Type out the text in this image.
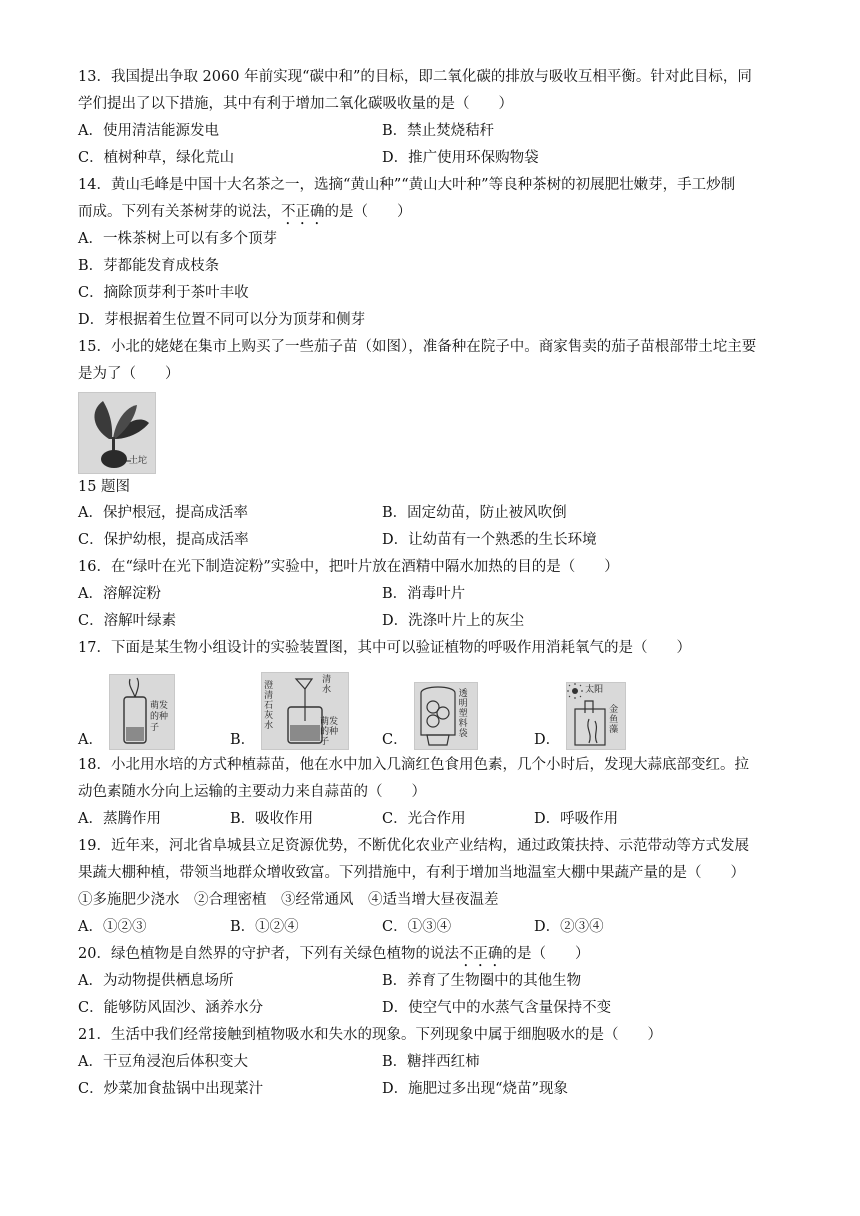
13．我国提出争取 2060 年前实现“碳中和”的目标，即二氧化碳的排放与吸收互相平衡。针对此目标，同
学们提出了以下措施，其中有利于增加二氧化碳吸收量的是（　　）
A．使用清洁能源发电	B．禁止焚烧秸秆
C．植树种草，绿化荒山	D．推广使用环保购物袋
14．黄山毛峰是中国十大名茶之一，选摘“黄山种”“黄山大叶种”等良种茶树的初展肥壮嫩芽，手工炒制
而成。下列有关茶树芽的说法，不正确的是（　　）
A．一株茶树上可以有多个顶芽
B．芽都能发育成枝条
C．摘除顶芽利于茶叶丰收
D．芽根据着生位置不同可以分为顶芽和侧芽
15．小北的姥姥在集市上购买了一些茄子苗（如图），准备种在院子中。商家售卖的茄子苗根部带土坨主要
是为了（　　）
土坨
15 题图
A．保护根冠，提高成活率	B．固定幼苗，防止被风吹倒
C．保护幼根，提高成活率	D．让幼苗有一个熟悉的生长环境
16．在“绿叶在光下制造淀粉”实验中，把叶片放在酒精中隔水加热的目的是（　　）
A．溶解淀粉	B．消毒叶片
C．溶解叶绿素	D．洗涤叶片上的灰尘
17．下面是某生物小组设计的实验装置图，其中可以验证植物的呼吸作用消耗氧气的是（　　）
A．
萌发的种子
B．
清水
澄清石灰水	萌发的种子	C．
透明塑料袋	D．
太阳
金鱼藻
18．小北用水培的方式种植蒜苗，他在水中加入几滴红色食用色素，几个小时后，发现大蒜底部变红。拉
动色素随水分向上运输的主要动力来自蒜苗的（　　）
A．蒸腾作用	B．吸收作用	C．光合作用	D．呼吸作用
19．近年来，河北省阜城县立足资源优势，不断优化农业产业结构，通过政策扶持、示范带动等方式发展
果蔬大棚种植，带领当地群众增收致富。下列措施中，有利于增加当地温室大棚中果蔬产量的是（　　）
①多施肥少浇水　②合理密植　③经常通风　④适当增大昼夜温差
A．①②③	B．①②④	C．①③④	D．②③④
20．绿色植物是自然界的守护者，下列有关绿色植物的说法不正确的是（　　）
A．为动物提供栖息场所	B．养育了生物圈中的其他生物
C．能够防风固沙、涵养水分	D．使空气中的水蒸气含量保持不变
21．生活中我们经常接触到植物吸水和失水的现象。下列现象中属于细胞吸水的是（　　）
A．干豆角浸泡后体积变大	B．糖拌西红柿
C．炒菜加食盐锅中出现菜汁	D．施肥过多出现“烧苗”现象
